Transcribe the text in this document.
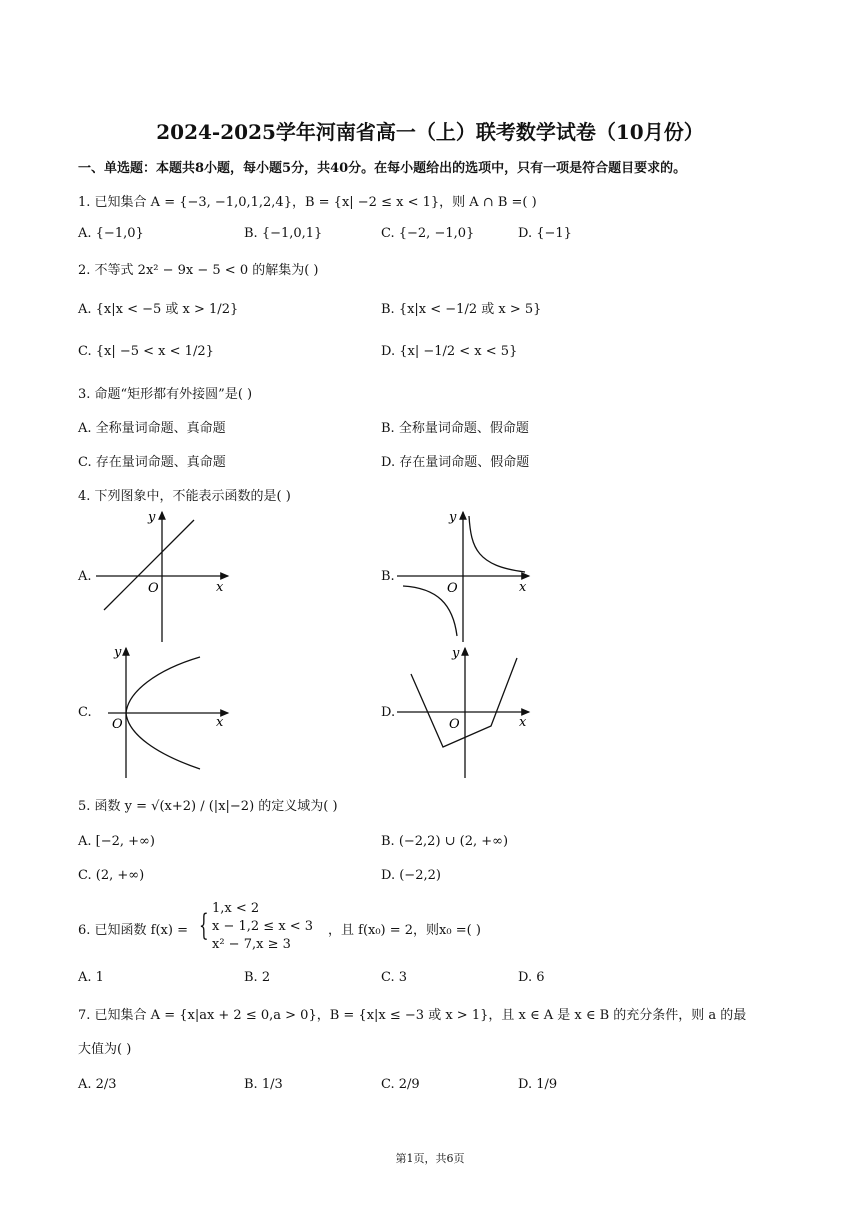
2024-2025学年河南省高一（上）联考数学试卷（10月份）
一、单选题：本题共8小题，每小题5分，共40分。在每小题给出的选项中，只有一项是符合题目要求的。
1. 已知集合 A = {−3, −1,0,1,2,4}，B = {x| −2 ≤ x < 1}，则 A ∩ B =( )
A. {−1,0}	B. {−1,0,1}	C. {−2, −1,0}	D. {−1}
2. 不等式 2x² − 9x − 5 < 0 的解集为( )
A. {x|x < −5 或 x > 1/2}	B. {x|x < −1/2 或 x > 5}
C. {x| −5 < x < 1/2}	D. {x| −1/2 < x < 5}
3. 命题“矩形都有外接圆”是( )
A. 全称量词命题、真命题	B. 全称量词命题、假命题
C. 存在量词命题、真命题	D. 存在量词命题、假命题
4. 下列图象中，不能表示函数的是( )
A.
y
O	x
B.
y
O	x
C.
y
O	x
D.
y
O	x
5. 函数 y = √(x+2) / (|x|−2) 的定义域为( )
A. [−2, +∞)	B. (−2,2) ∪ (2, +∞)
C. (2, +∞)	D. (−2,2)
6. 已知函数 f(x) = { 1,x < 2
x − 1,2 ≤ x < 3
x² − 7,x ≥ 3
，且 f(x₀) = 2，则x₀ =( )
A. 1	B. 2	C. 3	D. 6
7. 已知集合 A = {x|ax + 2 ≤ 0,a > 0}，B = {x|x ≤ −3 或 x > 1}，且 x ∈ A 是 x ∈ B 的充分条件，则 a 的最
大值为( )
A. 2/3	B. 1/3	C. 2/9	D. 1/9
第1页，共6页
